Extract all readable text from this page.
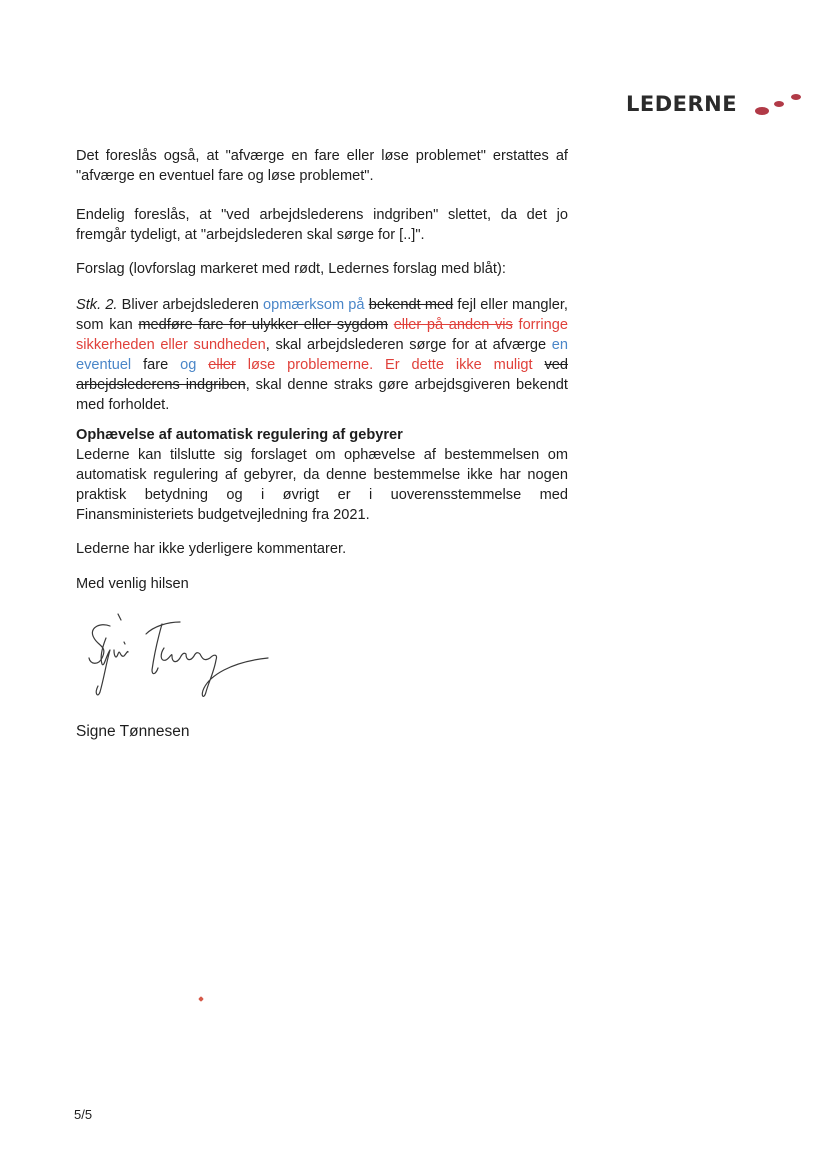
LEDERNE

Det foreslås også, at "afværge en fare eller løse problemet" erstattes af "afværge en eventuel fare og løse problemet".

Endelig foreslås, at "ved arbejdslederens indgriben" slettet, da det jo fremgår tydeligt, at "arbejdslederen skal sørge for [..]".

Forslag (lovforslag markeret med rødt, Ledernes forslag med blåt):

Stk. 2. Bliver arbejdslederen opmærksom på bekendt med fejl eller mangler, som kan medføre fare for ulykker eller sygdom eller på anden vis forringe sikkerheden eller sundheden, skal arbejdslederen sørge for at afværge en eventuel fare og eller løse problemerne. Er dette ikke muligt ved arbejdslederens indgriben, skal denne straks gøre arbejdsgiveren bekendt med forholdet.

Ophævelse af automatisk regulering af gebyrer

Lederne kan tilslutte sig forslaget om ophævelse af bestemmelsen om automatisk regulering af gebyrer, da denne bestemmelse ikke har nogen praktisk betydning og i øvrigt er i uoverensstemmelse med Finansministeriets budgetvejledning fra 2021.

Lederne har ikke yderligere kommentarer.

Med venlig hilsen

Signe Tønnesen

5/5
